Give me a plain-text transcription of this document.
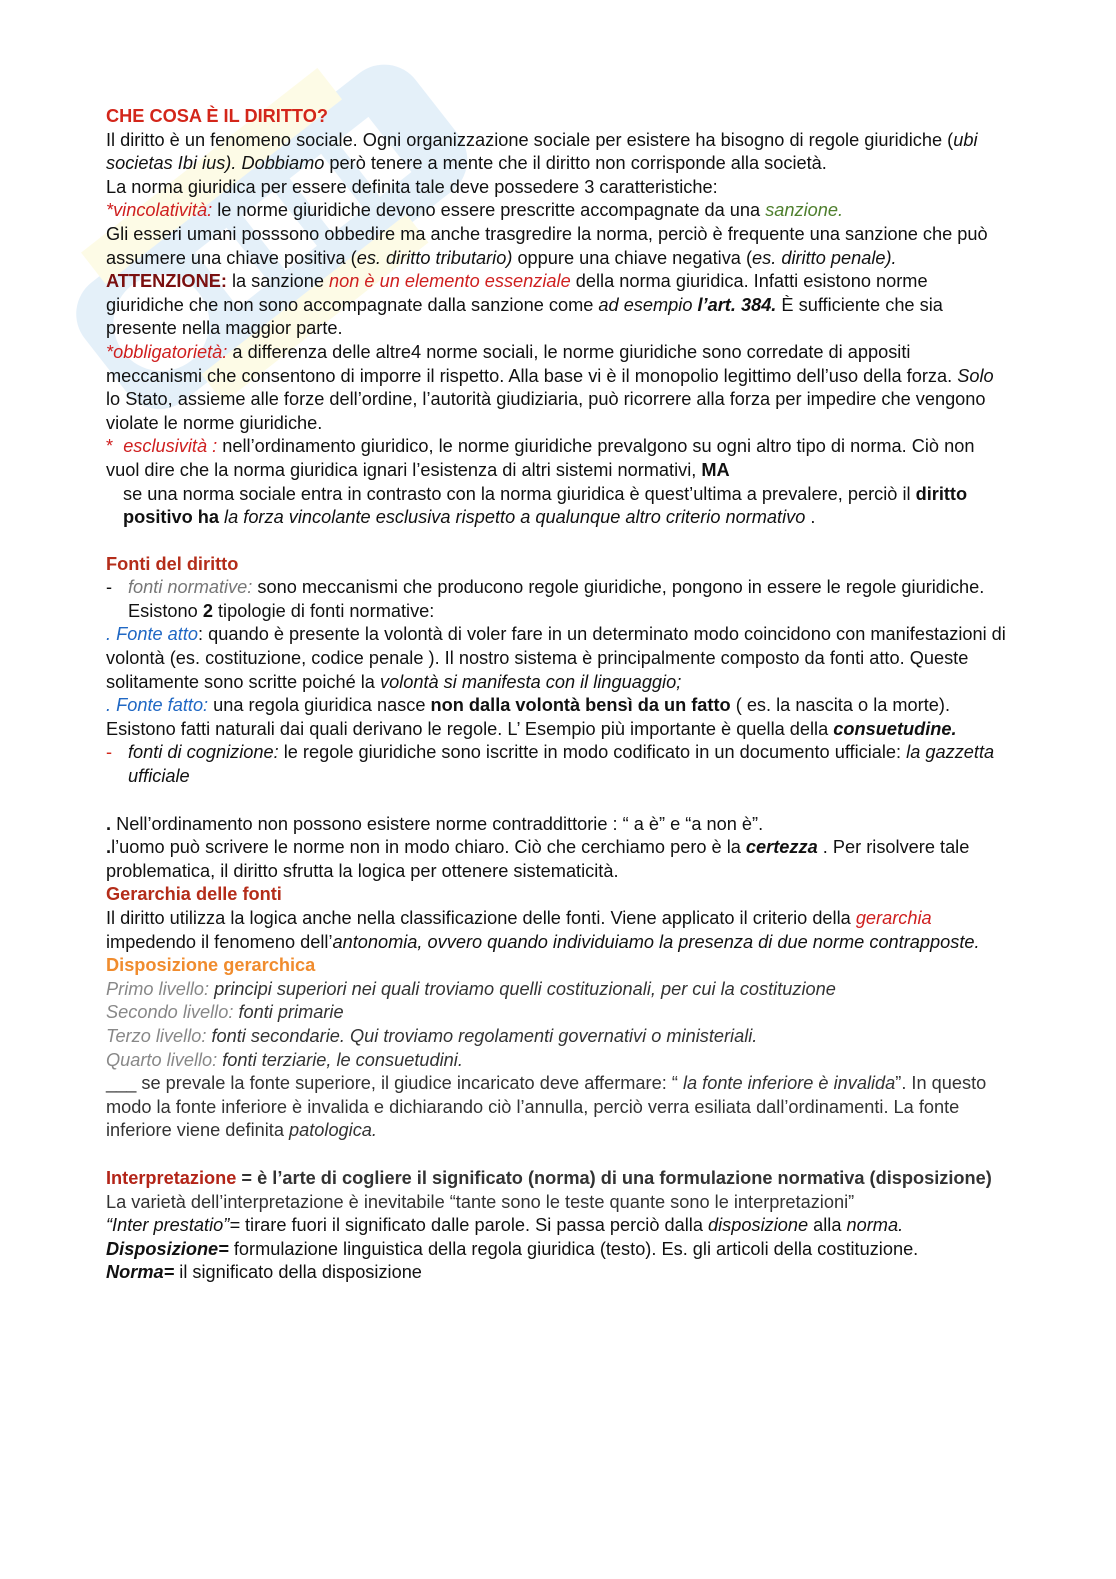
CHE COSA È IL DIRITTO?

Il diritto è un fenomeno sociale. Ogni organizzazione sociale per esistere ha bisogno di regole giuridiche (ubi societas Ibi ius). Dobbiamo però tenere a mente che il diritto non corrisponde alla società.

La norma giuridica per essere definita tale deve possedere 3 caratteristiche:

*vincolatività: le norme giuridiche devono essere prescritte accompagnate da una sanzione.
Gli esseri umani posssono obbedire ma anche trasgredire la norma, perciò è frequente una sanzione che può assumere una chiave positiva (es. diritto tributario) oppure una chiave negativa (es. diritto penale).  ATTENZIONE: la sanzione non è un elemento essenziale della norma giuridica. Infatti esistono norme giuridiche che non sono accompagnate dalla sanzione come ad esempio l’art. 384. È sufficiente che sia presente nella maggior parte.

*obbligatorietà: a differenza delle altre4 norme sociali, le norme giuridiche sono corredate di appositi meccanismi che consentono di imporre il rispetto. Alla base vi è il monopolio legittimo dell’uso della forza. Solo lo Stato, assieme alle forze dell’ordine, l’autorità giudiziaria, può ricorrere alla forza per impedire che vengono violate le norme giuridiche.

* esclusività : nell’ordinamento giuridico, le norme giuridiche prevalgono su ogni altro tipo di norma. Ciò non vuol dire che la norma giuridica ignari l’esistenza di altri sistemi normativi, MA

se una norma sociale entra in contrasto con la norma giuridica è quest’ultima a prevalere, perciò il diritto positivo ha la forza vincolante esclusiva rispetto a qualunque altro criterio normativo .

Fonti del diritto

- fonti normative: sono meccanismi che producono regole giuridiche, pongono in essere le regole giuridiche. Esistono 2 tipologie di fonti normative:

. Fonte atto: quando è presente la volontà di voler fare in un determinato modo coincidono con manifestazioni di volontà (es. costituzione, codice penale ). Il nostro sistema è principalmente composto da fonti atto. Queste solitamente sono scritte poiché la volontà si manifesta con il linguaggio;

. Fonte fatto: una regola giuridica nasce non dalla volontà bensì da un fatto ( es. la nascita o la morte). Esistono fatti naturali dai quali derivano le regole. L’ Esempio più importante è quella della consuetudine.

- fonti di cognizione: le regole giuridiche sono iscritte in modo codificato in un documento ufficiale: la gazzetta ufficiale

. Nell’ordinamento non possono esistere norme contraddittorie : “ a è” e “a non è”.

.l’uomo può scrivere le norme non in modo chiaro. Ciò che cerchiamo pero è la certezza . Per risolvere tale problematica, il diritto sfrutta la logica per ottenere sistematicità.

Gerarchia delle fonti

Il diritto utilizza la logica anche nella classificazione delle fonti. Viene applicato il criterio della gerarchia impedendo il fenomeno dell’antonomia, ovvero quando individuiamo la presenza di due norme contrapposte.

Disposizione gerarchica

Primo livello: principi superiori nei quali troviamo quelli costituzionali, per cui la costituzione

Secondo livello: fonti primarie

Terzo livello: fonti secondarie. Qui troviamo regolamenti governativi o ministeriali.

Quarto livello: fonti terziarie, le consuetudini.

___ se prevale la fonte superiore, il giudice incaricato deve affermare: “ la fonte inferiore è invalida”. In questo modo la fonte inferiore è invalida e dichiarando ciò l’annulla, perciò verra esiliata dall’ordinamenti. La fonte inferiore viene definita patologica.

Interpretazione = è l’arte di cogliere il significato (norma) di una formulazione normativa (disposizione)

La varietà dell’interpretazione è inevitabile “tante sono le teste quante sono le interpretazioni”

“Inter prestatio”= tirare fuori il significato dalle parole. Si passa perciò dalla disposizione alla norma.

Disposizione= formulazione linguistica della regola giuridica (testo). Es. gli articoli della costituzione.

Norma= il significato della disposizione
